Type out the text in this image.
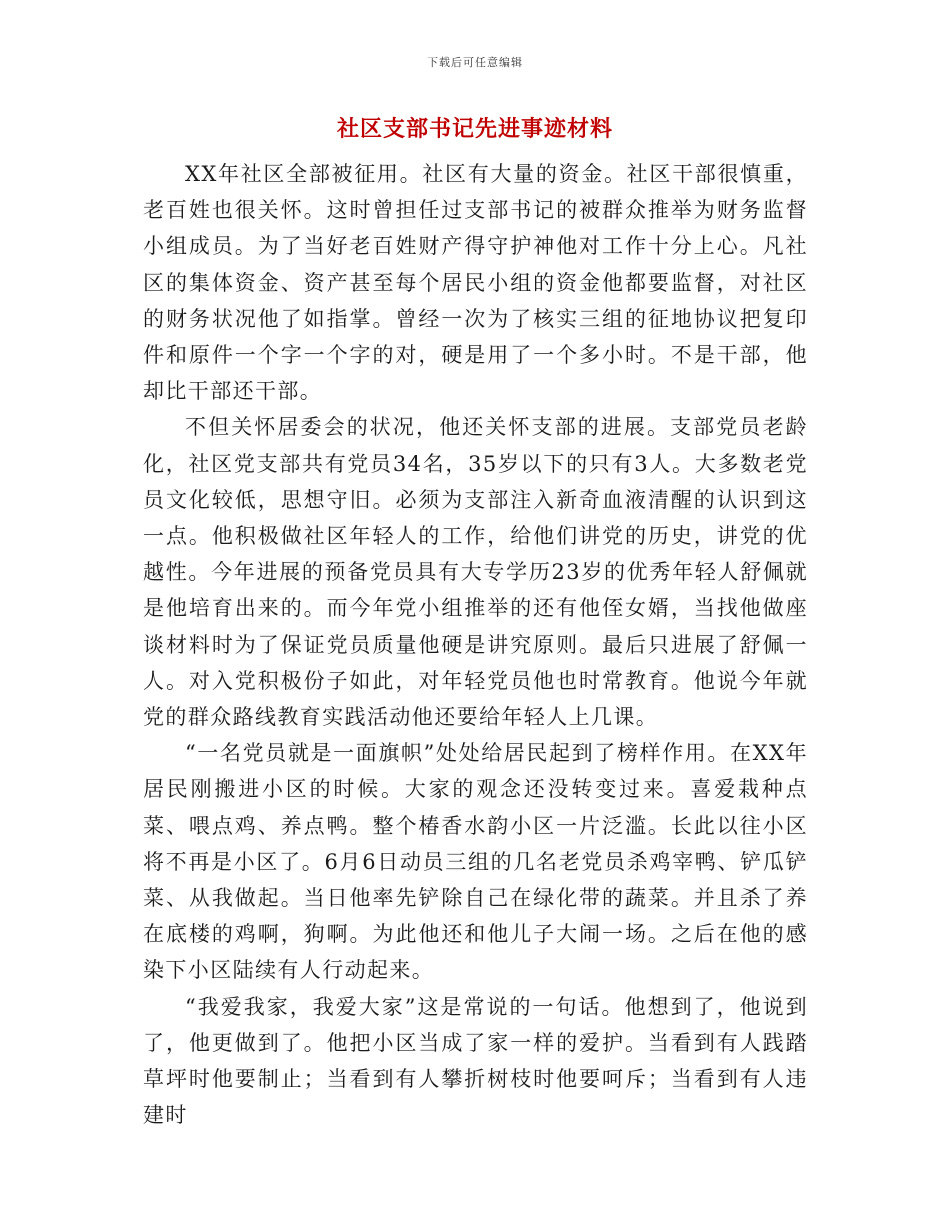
下载后可任意编辑
社区支部书记先进事迹材料

XX年社区全部被征用。社区有大量的资金。社区干部很慎重，老百姓也很关怀。这时曾担任过支部书记的被群众推举为财务监督小组成员。为了当好老百姓财产得守护神他对工作十分上心。凡社区的集体资金、资产甚至每个居民小组的资金他都要监督，对社区的财务状况他了如指掌。曾经一次为了核实三组的征地协议把复印件和原件一个字一个字的对，硬是用了一个多小时。不是干部，他却比干部还干部。

不但关怀居委会的状况，他还关怀支部的进展。支部党员老龄化，社区党支部共有党员34名，35岁以下的只有3人。大多数老党员文化较低，思想守旧。必须为支部注入新奇血液清醒的认识到这一点。他积极做社区年轻人的工作，给他们讲党的历史，讲党的优越性。今年进展的预备党员具有大专学历23岁的优秀年轻人舒佩就是他培育出来的。而今年党小组推举的还有他侄女婿，当找他做座谈材料时为了保证党员质量他硬是讲究原则。最后只进展了舒佩一人。对入党积极份子如此，对年轻党员他也时常教育。他说今年就党的群众路线教育实践活动他还要给年轻人上几课。

“一名党员就是一面旗帜”处处给居民起到了榜样作用。在XX年居民刚搬进小区的时候。大家的观念还没转变过来。喜爱栽种点菜、喂点鸡、养点鸭。整个椿香水韵小区一片泛滥。长此以往小区将不再是小区了。6月6日动员三组的几名老党员杀鸡宰鸭、铲瓜铲菜、从我做起。当日他率先铲除自己在绿化带的蔬菜。并且杀了养在底楼的鸡啊，狗啊。为此他还和他儿子大闹一场。之后在他的感染下小区陆续有人行动起来。

“我爱我家，我爱大家”这是常说的一句话。他想到了，他说到了，他更做到了。他把小区当成了家一样的爱护。当看到有人践踏草坪时他要制止；当看到有人攀折树枝时他要呵斥；当看到有人违建时
